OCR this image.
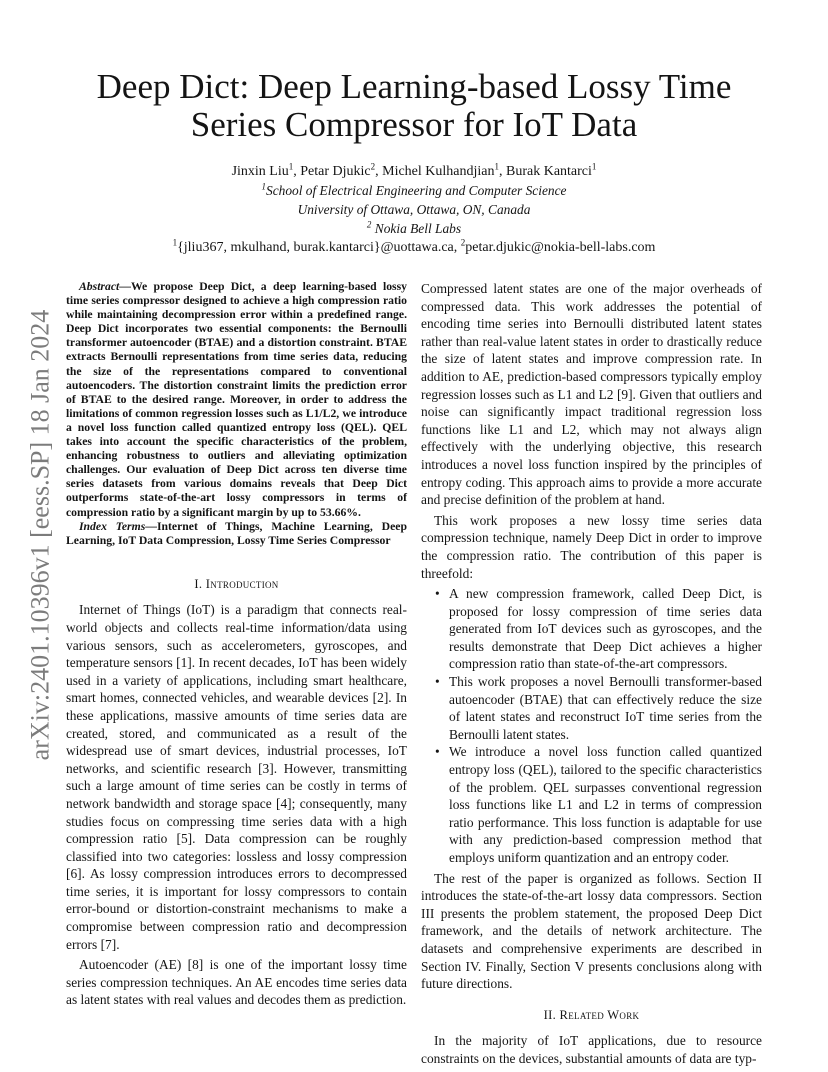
arXiv:2401.10396v1 [eess.SP] 18 Jan 2024
Deep Dict: Deep Learning-based Lossy Time Series Compressor for IoT Data
Jinxin Liu$^1$, Petar Djukic$^2$, Michel Kulhandjian$^1$, Burak Kantarci$^1$
$^1$School of Electrical Engineering and Computer Science
University of Ottawa, Ottawa, ON, Canada
$^2$ Nokia Bell Labs
$^1${jliu367, mkulhand, burak.kantarci}@uottawa.ca, $^2$petar.djukic@nokia-bell-labs.com

Abstract—We propose Deep Dict, a deep learning-based lossy time series compressor designed to achieve a high compression ratio while maintaining decompression error within a predefined range. Deep Dict incorporates two essential components: the Bernoulli transformer autoencoder (BTAE) and a distortion constraint. BTAE extracts Bernoulli representations from time series data, reducing the size of the representations compared to conventional autoencoders. The distortion constraint limits the prediction error of BTAE to the desired range. Moreover, in order to address the limitations of common regression losses such as L1/L2, we introduce a novel loss function called quantized entropy loss (QEL). QEL takes into account the specific characteristics of the problem, enhancing robustness to outliers and alleviating optimization challenges. Our evaluation of Deep Dict across ten diverse time series datasets from various domains reveals that Deep Dict outperforms state-of-the-art lossy compressors in terms of compression ratio by a significant margin by up to 53.66%.

Index Terms—Internet of Things, Machine Learning, Deep Learning, IoT Data Compression, Lossy Time Series Compressor

I. Introduction

Internet of Things (IoT) is a paradigm that connects real-world objects and collects real-time information/data using various sensors, such as accelerometers, gyroscopes, and temperature sensors [1]. In recent decades, IoT has been widely used in a variety of applications, including smart healthcare, smart homes, connected vehicles, and wearable devices [2]. In these applications, massive amounts of time series data are created, stored, and communicated as a result of the widespread use of smart devices, industrial processes, IoT networks, and scientific research [3]. However, transmitting such a large amount of time series can be costly in terms of network bandwidth and storage space [4]; consequently, many studies focus on compressing time series data with a high compression ratio [5]. Data compression can be roughly classified into two categories: lossless and lossy compression [6]. As lossy compression introduces errors to decompressed time series, it is important for lossy compressors to contain error-bound or distortion-constraint mechanisms to make a compromise between compression ratio and decompression errors [7].

Autoencoder (AE) [8] is one of the important lossy time series compression techniques. An AE encodes time series data as latent states with real values and decodes them as prediction.

Compressed latent states are one of the major overheads of compressed data. This work addresses the potential of encoding time series into Bernoulli distributed latent states rather than real-value latent states in order to drastically reduce the size of latent states and improve compression rate. In addition to AE, prediction-based compressors typically employ regression losses such as L1 and L2 [9]. Given that outliers and noise can significantly impact traditional regression loss functions like L1 and L2, which may not always align effectively with the underlying objective, this research introduces a novel loss function inspired by the principles of entropy coding. This approach aims to provide a more accurate and precise definition of the problem at hand.

This work proposes a new lossy time series data compression technique, namely Deep Dict in order to improve the compression ratio. The contribution of this paper is threefold:

• A new compression framework, called Deep Dict, is proposed for lossy compression of time series data generated from IoT devices such as gyroscopes, and the results demonstrate that Deep Dict achieves a higher compression ratio than state-of-the-art compressors.
• This work proposes a novel Bernoulli transformer-based autoencoder (BTAE) that can effectively reduce the size of latent states and reconstruct IoT time series from the Bernoulli latent states.
• We introduce a novel loss function called quantized entropy loss (QEL), tailored to the specific characteristics of the problem. QEL surpasses conventional regression loss functions like L1 and L2 in terms of compression ratio performance. This loss function is adaptable for use with any prediction-based compression method that employs uniform quantization and an entropy coder.

The rest of the paper is organized as follows. Section II introduces the state-of-the-art lossy data compressors. Section III presents the problem statement, the proposed Deep Dict framework, and the details of network architecture. The datasets and comprehensive experiments are described in Section IV. Finally, Section V presents conclusions along with future directions.

II. Related Work

In the majority of IoT applications, due to resource constraints on the devices, substantial amounts of data are typ-
